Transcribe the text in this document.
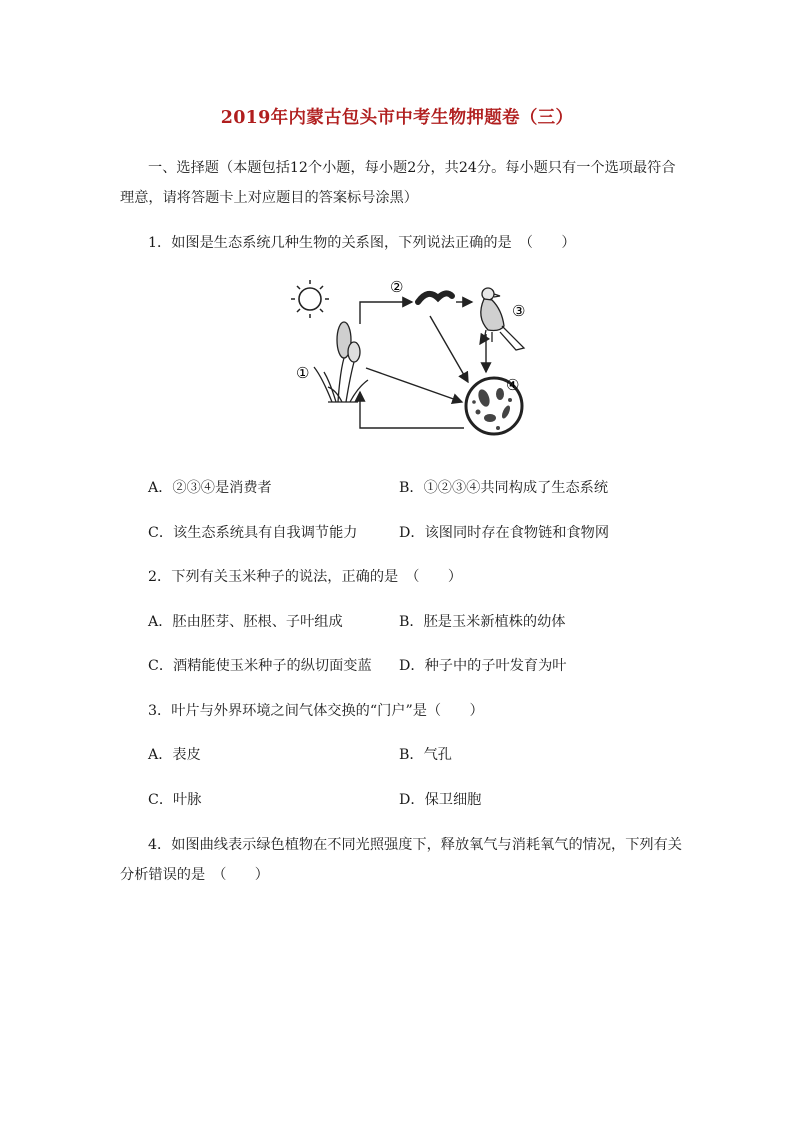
2019年内蒙古包头市中考生物押题卷（三）
一、选择题（本题包括12个小题，每小题2分，共24分。每小题只有一个选项最符合
理意，请将答题卡上对应题目的答案标号涂黑）
1．如图是生态系统几种生物的关系图，下列说法正确的是　（　　）
①
②
③
④
A．②③④是消费者	B．①②③④共同构成了生态系统
C．该生态系统具有自我调节能力	D．该图同时存在食物链和食物网
2．下列有关玉米种子的说法，正确的是　（　　）
A．胚由胚芽、胚根、子叶组成	B．胚是玉米新植株的幼体
C．酒精能使玉米种子的纵切面变蓝 D．种子中的子叶发育为叶
3．叶片与外界环境之间气体交换的“门户”是（　　）
A．表皮	B．气孔
C．叶脉	D．保卫细胞
4．如图曲线表示绿色植物在不同光照强度下，释放氧气与消耗氧气的情况，下列有关
分析错误的是　（　　）
